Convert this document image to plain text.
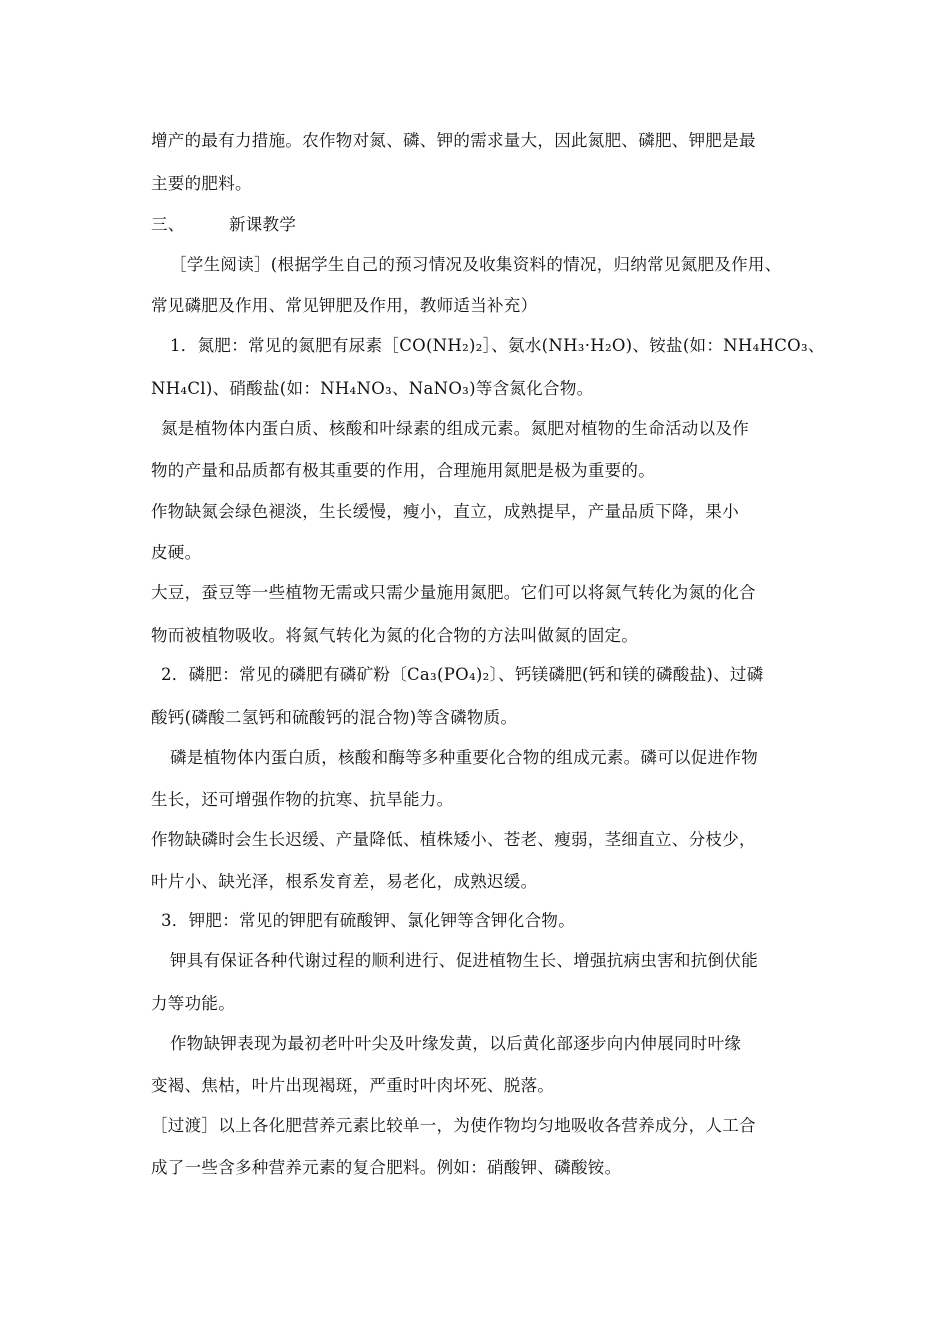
增产的最有力措施。农作物对氮、磷、钾的需求量大，因此氮肥、磷肥、钾肥是最
主要的肥料。
三、        新课教学
［学生阅读］(根据学生自己的预习情况及收集资料的情况，归纳常见氮肥及作用、
常见磷肥及作用、常见钾肥及作用，教师适当补充）
1．氮肥：常见的氮肥有尿素［CO(NH₂)₂］、氨水(NH₃·H₂O)、铵盐(如：NH₄HCO₃、
NH₄Cl)、硝酸盐(如：NH₄NO₃、NaNO₃)等含氮化合物。
氮是植物体内蛋白质、核酸和叶绿素的组成元素。氮肥对植物的生命活动以及作
物的产量和品质都有极其重要的作用，合理施用氮肥是极为重要的。
作物缺氮会绿色褪淡，生长缓慢，瘦小，直立，成熟提早，产量品质下降，果小
皮硬。
大豆，蚕豆等一些植物无需或只需少量施用氮肥。它们可以将氮气转化为氮的化合
物而被植物吸收。将氮气转化为氮的化合物的方法叫做氮的固定。
2．磷肥：常见的磷肥有磷矿粉〔Ca₃(PO₄)₂〕、钙镁磷肥(钙和镁的磷酸盐)、过磷
酸钙(磷酸二氢钙和硫酸钙的混合物)等含磷物质。
磷是植物体内蛋白质，核酸和酶等多种重要化合物的组成元素。磷可以促进作物
生长，还可增强作物的抗寒、抗旱能力。
作物缺磷时会生长迟缓、产量降低、植株矮小、苍老、瘦弱，茎细直立、分枝少，
叶片小、缺光泽，根系发育差，易老化，成熟迟缓。
3．钾肥：常见的钾肥有硫酸钾、氯化钾等含钾化合物。
钾具有保证各种代谢过程的顺利进行、促进植物生长、增强抗病虫害和抗倒伏能
力等功能。
作物缺钾表现为最初老叶叶尖及叶缘发黄，以后黄化部逐步向内伸展同时叶缘
变褐、焦枯，叶片出现褐斑，严重时叶肉坏死、脱落。
［过渡］以上各化肥营养元素比较单一，为使作物均匀地吸收各营养成分，人工合
成了一些含多种营养元素的复合肥料。例如：硝酸钾、磷酸铵。
